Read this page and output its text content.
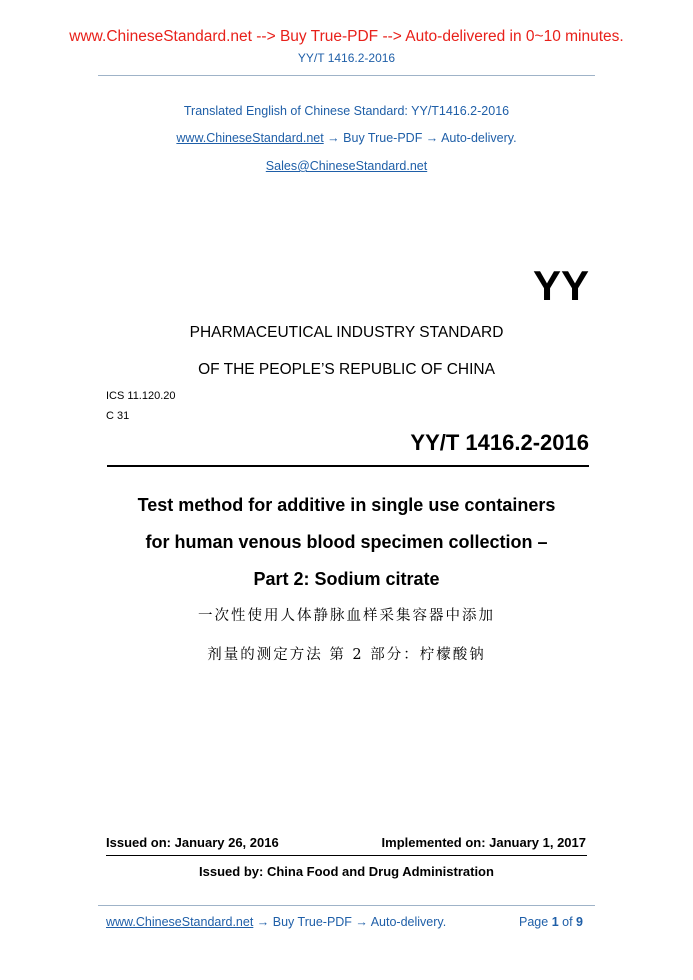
www.ChineseStandard.net --> Buy True-PDF --> Auto-delivered in 0~10 minutes.
YY/T 1416.2-2016
Translated English of Chinese Standard: YY/T1416.2-2016
www.ChineseStandard.net → Buy True-PDF → Auto-delivery.
Sales@ChineseStandard.net
YY
PHARMACEUTICAL INDUSTRY STANDARD
OF THE PEOPLE’S REPUBLIC OF CHINA
ICS 11.120.20
C 31
YY/T 1416.2-2016
Test method for additive in single use containers
for human venous blood specimen collection –
Part 2: Sodium citrate
一次性使用人体静脉血样采集容器中添加
剂量的测定方法 第 2 部分：柠檬酸钠
Issued on: January 26, 2016	Implemented on: January 1, 2017
Issued by: China Food and Drug Administration
www.ChineseStandard.net → Buy True-PDF → Auto-delivery.	Page 1 of 9
